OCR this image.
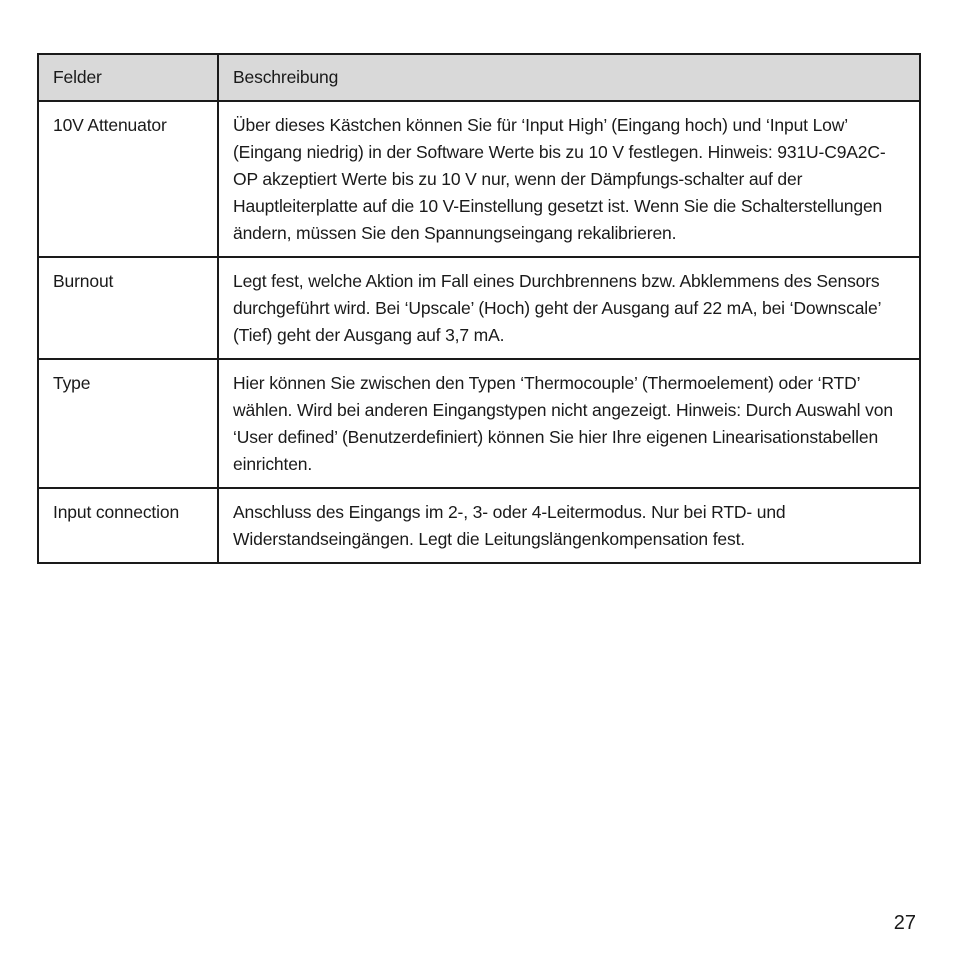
Felder	Beschreibung

10V Attenuator	Über dieses Kästchen können Sie für ‘Input High’ (Eingang hoch) und ‘Input Low’ (Eingang niedrig) in der Software Werte bis zu 10 V festlegen. Hinweis: 931U-C9A2C-OP akzeptiert Werte bis zu 10 V nur, wenn der Dämpfungs-schalter auf der Hauptleiterplatte auf die 10 V-Einstellung gesetzt ist. Wenn Sie die Schalterstellungen ändern, müssen Sie den Spannungseingang rekalibrieren.

Burnout	Legt fest, welche Aktion im Fall eines Durchbrennens bzw. Abklemmens des Sensors durchgeführt wird. Bei ‘Upscale’ (Hoch) geht der Ausgang auf 22 mA, bei ‘Downscale’ (Tief) geht der Ausgang auf 3,7 mA.

Type	Hier können Sie zwischen den Typen ‘Thermocouple’ (Thermoelement) oder ‘RTD’ wählen. Wird bei anderen Eingangstypen nicht angezeigt. Hinweis: Durch Auswahl von ‘User defined’ (Benutzerdefiniert) können Sie hier Ihre eigenen Linearisationstabellen einrichten.

Input connection	Anschluss des Eingangs im 2-, 3- oder 4-Leitermodus. Nur bei RTD- und Widerstandseingängen. Legt die Leitungslängenkompensation fest.
27
